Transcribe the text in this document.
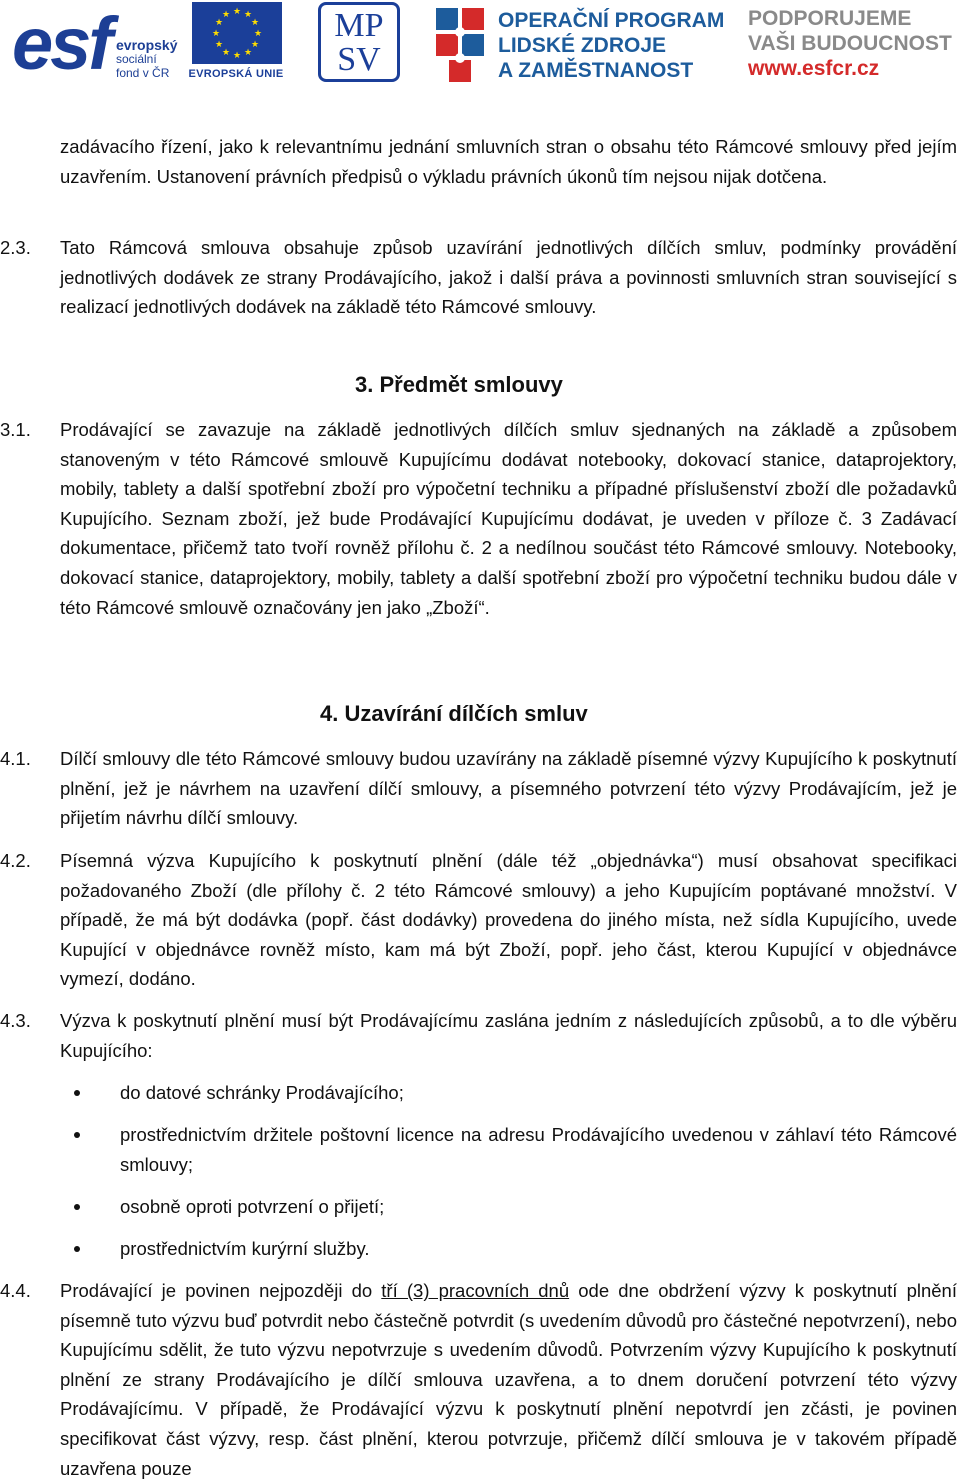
esf evropský
sociální
fond v ČR
★ ★
★
★
★
★
★
★
★
★
★
★
EVROPSKÁ UNIE
MP
SV
OPERAČNÍ PROGRAM
LIDSKÉ ZDROJE
A ZAMĚSTNANOST
PODPORUJEME
VAŠI BUDOUCNOST
www.esfcr.cz

zadávacího řízení, jako k relevantnímu jednání smluvních stran o obsahu této Rámcové smlouvy před jejím uzavřením. Ustanovení právních předpisů o výkladu právních úkonů tím nejsou nijak dotčena.

2.3. Tato Rámcová smlouva obsahuje způsob uzavírání jednotlivých dílčích smluv, podmínky provádění jednotlivých dodávek ze strany Prodávajícího, jakož i další práva a povinnosti smluvních stran související s realizací jednotlivých dodávek na základě této Rámcové smlouvy.

3. Předmět smlouvy
3.1. Prodávající se zavazuje na základě jednotlivých dílčích smluv sjednaných na základě a způsobem stanoveným v této Rámcové smlouvě Kupujícímu dodávat notebooky, dokovací stanice, dataprojektory, mobily, tablety a další spotřební zboží pro výpočetní techniku a případné příslušenství zboží dle požadavků Kupujícího. Seznam zboží, jež bude Prodávající Kupujícímu dodávat, je uveden v příloze č. 3 Zadávací dokumentace, přičemž tato tvoří rovněž přílohu č. 2 a nedílnou součást této Rámcové smlouvy. Notebooky, dokovací stanice, dataprojektory, mobily, tablety a další spotřební zboží pro výpočetní techniku budou dále v této Rámcové smlouvě označovány jen jako „Zboží“.

4. Uzavírání dílčích smluv
4.1. Dílčí smlouvy dle této Rámcové smlouvy budou uzavírány na základě písemné výzvy Kupujícího k poskytnutí plnění, jež je návrhem na uzavření dílčí smlouvy, a písemného potvrzení této výzvy Prodávajícím, jež je přijetím návrhu dílčí smlouvy.

4.2. Písemná výzva Kupujícího k poskytnutí plnění (dále též „objednávka“) musí obsahovat specifikaci požadovaného Zboží (dle přílohy č. 2 této Rámcové smlouvy) a jeho Kupujícím poptávané množství. V případě, že má být dodávka (popř. část dodávky) provedena do jiného místa, než sídla Kupujícího, uvede Kupující v objednávce rovněž místo, kam má být Zboží, popř. jeho část, kterou Kupující v objednávce vymezí, dodáno.

4.3. Výzva k poskytnutí plnění musí být Prodávajícímu zaslána jedním z následujících způsobů, a to dle výběru Kupujícího:

do datové schránky Prodávajícího;

prostřednictvím držitele poštovní licence na adresu Prodávajícího uvedenou v záhlaví této Rámcové smlouvy;

osobně oproti potvrzení o přijetí;

prostřednictvím kurýrní služby.

4.4. Prodávající je povinen nejpozději do tří (3) pracovních dnů ode dne obdržení výzvy k poskytnutí plnění písemně tuto výzvu buď potvrdit nebo částečně potvrdit (s uvedením důvodů pro částečné nepotvrzení), nebo Kupujícímu sdělit, že tuto výzvu nepotvrzuje s uvedením důvodů. Potvrzením výzvy Kupujícího k poskytnutí plnění ze strany Prodávajícího je dílčí smlouva uzavřena, a to dnem doručení potvrzení této výzvy Prodávajícímu. V případě, že Prodávající výzvu k poskytnutí plnění nepotvrdí jen zčásti, je povinen specifikovat část výzvy, resp. část plnění, kterou potvrzuje, přičemž dílčí smlouva je v takovém případě uzavřena pouze
